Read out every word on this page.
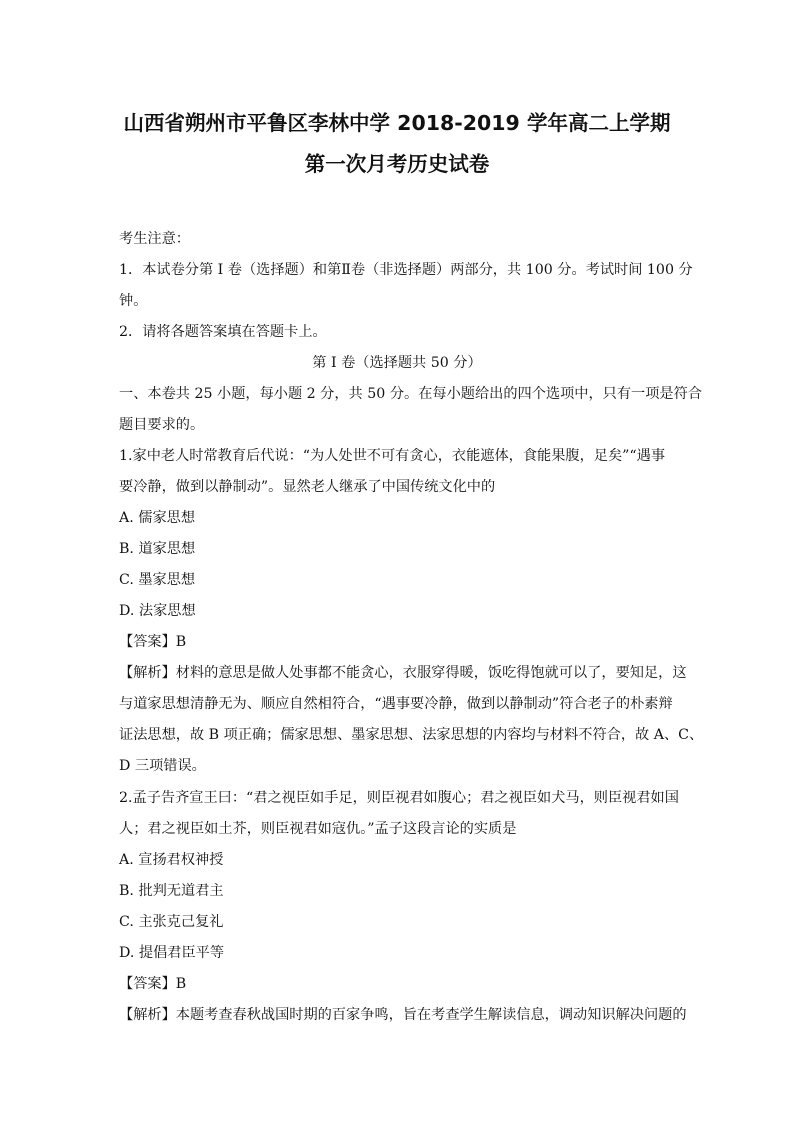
山西省朔州市平鲁区李林中学 2018-2019 学年高二上学期
第一次月考历史试卷
考生注意：
1．本试卷分第 Ⅰ 卷（选择题）和第Ⅱ卷（非选择题）两部分，共 100 分。考试时间 100 分
钟。
2．请将各题答案填在答题卡上。
第 Ⅰ 卷（选择题共 50 分）
一、本卷共 25 小题，每小题 2 分，共 50 分。在每小题给出的四个选项中，只有一项是符合
题目要求的。
1.家中老人时常教育后代说：“为人处世不可有贪心，衣能遮体，食能果腹，足矣”“遇事
要冷静，做到以静制动”。显然老人继承了中国传统文化中的
A. 儒家思想
B. 道家思想
C. 墨家思想
D. 法家思想
【答案】B
【解析】材料的意思是做人处事都不能贪心，衣服穿得暖，饭吃得饱就可以了，要知足，这
与道家思想清静无为、顺应自然相符合，“遇事要冷静，做到以静制动”符合老子的朴素辩
证法思想，故 B 项正确；儒家思想、墨家思想、法家思想的内容均与材料不符合，故 A、C、
D 三项错误。
2.孟子告齐宣王曰：“君之视臣如手足，则臣视君如腹心；君之视臣如犬马，则臣视君如国
人；君之视臣如土芥，则臣视君如寇仇。”孟子这段言论的实质是
A. 宣扬君权神授
B. 批判无道君主
C. 主张克己复礼
D. 提倡君臣平等
【答案】B
【解析】本题考查春秋战国时期的百家争鸣，旨在考查学生解读信息，调动知识解决问题的
